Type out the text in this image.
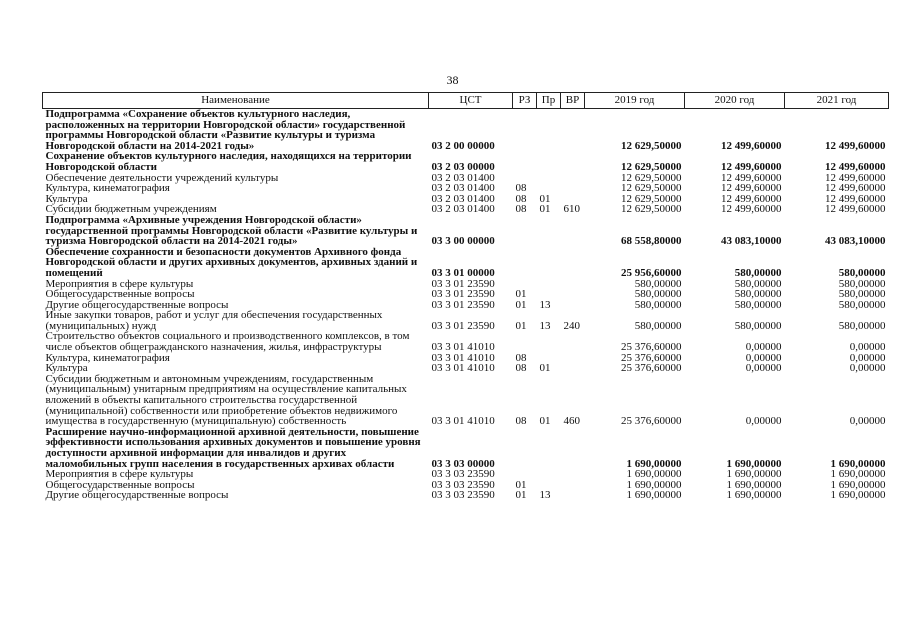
38
Наименование	ЦСТ	РЗ	Пр	ВР	2019 год	2020 год	2021 год
Подпрограмма «Сохранение объектов культурного наследия, расположенных на территории Новгородской области» государственной программы Новгородской области «Развитие культуры и туризма Новгородской области на 2014-2021 годы»	03 2 00 00000				12 629,50000	12 499,60000	12 499,60000
Сохранение объектов культурного наследия, находящихся на территории Новгородской области	03 2 03 00000				12 629,50000	12 499,60000	12 499,60000
Обеспечение деятельности учреждений культуры	03 2 03 01400				12 629,50000	12 499,60000	12 499,60000
Культура, кинематография	03 2 03 01400	08			12 629,50000	12 499,60000	12 499,60000
Культура	03 2 03 01400	08	01		12 629,50000	12 499,60000	12 499,60000
Субсидии бюджетным учреждениям	03 2 03 01400	08	01	610	12 629,50000	12 499,60000	12 499,60000
Подпрограмма «Архивные учреждения Новгородской области» государственной программы Новгородской области «Развитие культуры и туризма Новгородской области на 2014-2021 годы»	03 3 00 00000				68 558,80000	43 083,10000	43 083,10000
Обеспечение сохранности и безопасности документов Архивного фонда Новгородской области и других архивных документов, архивных зданий и помещений	03 3 01 00000				25 956,60000	580,00000	580,00000
Мероприятия в сфере культуры	03 3 01 23590				580,00000	580,00000	580,00000
Общегосударственные вопросы	03 3 01 23590	01			580,00000	580,00000	580,00000
Другие общегосударственные вопросы	03 3 01 23590	01	13		580,00000	580,00000	580,00000
Иные закупки товаров, работ и услуг для обеспечения государственных (муниципальных) нужд	03 3 01 23590	01	13	240	580,00000	580,00000	580,00000
Строительство объектов социального и производственного комплексов, в том числе объектов общегражданского назначения, жилья, инфраструктуры	03 3 01 41010				25 376,60000	0,00000	0,00000
Культура, кинематография	03 3 01 41010	08			25 376,60000	0,00000	0,00000
Культура	03 3 01 41010	08	01		25 376,60000	0,00000	0,00000
Субсидии бюджетным и автономным учреждениям, государственным (муниципальным) унитарным предприятиям на осуществление капитальных вложений в объекты капитального строительства государственной (муниципальной) собственности или приобретение объектов недвижимого имущества в государственную (муниципальную) собственность	03 3 01 41010	08	01	460	25 376,60000	0,00000	0,00000
Расширение научно-информационной архивной деятельности, повышение эффективности использования архивных документов и повышение уровня доступности архивной информации для инвалидов и других маломобильных групп населения в государственных архивах области	03 3 03 00000				1 690,00000	1 690,00000	1 690,00000
Мероприятия в сфере культуры	03 3 03 23590				1 690,00000	1 690,00000	1 690,00000
Общегосударственные вопросы	03 3 03 23590	01			1 690,00000	1 690,00000	1 690,00000
Другие общегосударственные вопросы	03 3 03 23590	01	13		1 690,00000	1 690,00000	1 690,00000
